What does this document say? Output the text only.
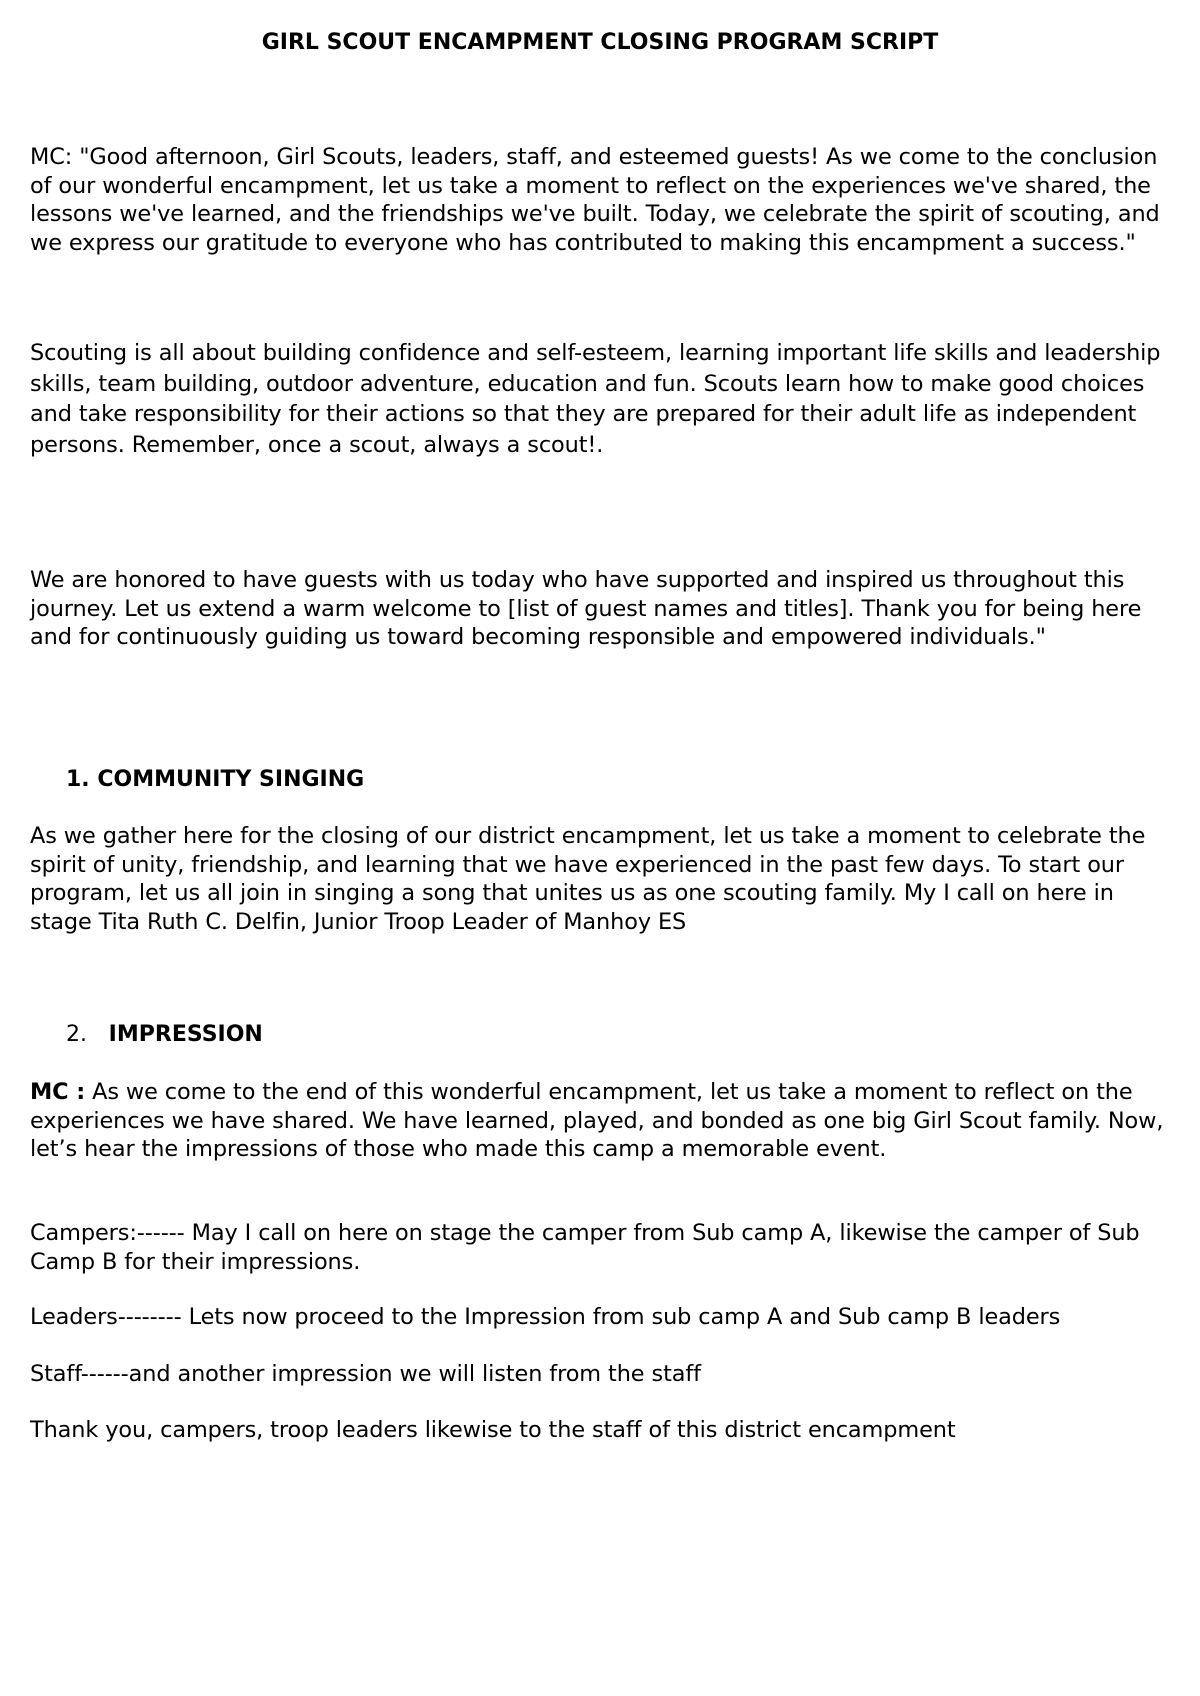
GIRL SCOUT ENCAMPMENT CLOSING PROGRAM SCRIPT

MC: "Good afternoon, Girl Scouts, leaders, staff, and esteemed guests! As we come to the conclusion of our wonderful encampment, let us take a moment to reflect on the experiences we've shared, the lessons we've learned, and the friendships we've built. Today, we celebrate the spirit of scouting, and we express our gratitude to everyone who has contributed to making this encampment a success."

Scouting is all about building confidence and self-esteem, learning important life skills and leadership skills, team building, outdoor adventure, education and fun. Scouts learn how to make good choices and take responsibility for their actions so that they are prepared for their adult life as independent persons. Remember, once a scout, always a scout!.

We are honored to have guests with us today who have supported and inspired us throughout this journey. Let us extend a warm welcome to [list of guest names and titles]. Thank you for being here and for continuously guiding us toward becoming responsible and empowered individuals."

1. COMMUNITY SINGING

As we gather here for the closing of our district encampment, let us take a moment to celebrate the spirit of unity, friendship, and learning that we have experienced in the past few days. To start our program, let us all join in singing a song that unites us as one scouting family. My I call on here in stage Tita Ruth C. Delfin, Junior Troop Leader of Manhoy ES

2. IMPRESSION

MC : As we come to the end of this wonderful encampment, let us take a moment to reflect on the experiences we have shared. We have learned, played, and bonded as one big Girl Scout family. Now, let’s hear the impressions of those who made this camp a memorable event.

Campers:------ May I call on here on stage the camper from Sub camp A, likewise the camper of Sub Camp B for their impressions.

Leaders-------- Lets now proceed to the Impression from sub camp A and Sub camp B leaders

Staff------and another impression we will listen from the staff

Thank you, campers, troop leaders likewise to the staff of this district encampment
